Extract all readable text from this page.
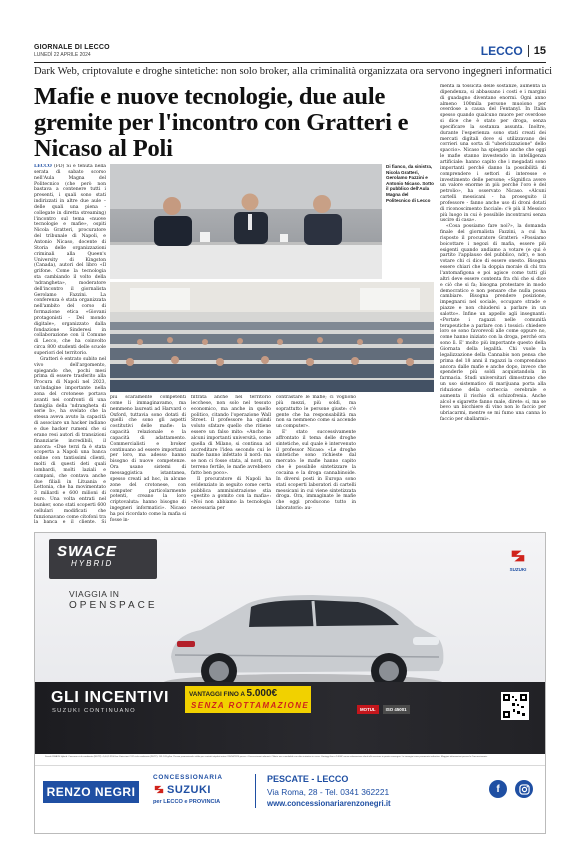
GIORNALE DI LECCO
LUNEDÌ 22 APRILE 2024	LECCO 15
Dark Web, criptovalute e droghe sintetiche: non solo broker, alla criminalità organizzata ora servono ingegneri informatici
Mafie e nuove tecnologie, due aule gremite per l'incontro con Gratteri e Nicaso al Poli

LECCO (FD) Si è tenuta nella serata di sabato scorso nell'Aula Magna del Politecnico (che però non bastava a contenere tutti i presenti, i quali sono stati indirizzati in altre due aule – delle quali una piena - collegate in diretta streaming) l'incontro sul tema «nuove tecnologie e mafie», ospiti Nicola Gratteri, procuratore del tribunale di Napoli, e Antonio Nicaso, docente di Storia delle organizzazioni criminali alla Queen's University di Kingston (Canada), autori del libro «Il grifone. Come la tecnologia sta cambiando il volto della 'ndrangheta», moderatore dell'incontro il giornalista Gerolamo Fazzini. La conferenza è stata organizzata nell'ambito del corso di formazione etica «Giovani protagonisti - Del mondo digitale», organizzato dalla fondazione Sinderesi in collaborazione con il Comune di Lecco, che ha coinvolto circa 800 studenti delle scuole superiori del territorio.

Gratteri è entrato subito nel vivo dell'argomento, spiegando che, pochi mesi prima di essere trasferito alla Procura di Napoli nel 2023, un'indagine importante nella zona del crotonese portava avanti nei confronti di una famiglia della 'ndrangheta di serie b», ha svelato che la stessa aveva avuto la capacità di associare un hacker indiano e due hacker rumeni che si erano resi autori di transizioni finanziarie incredibili, il ancora: «Due terzi fa è stata scoperta a Napoli una banca online con tantissimi clienti, molti di questi deti quali lombardi, molti laziali e campani, che contava anche due filiali in Lituania e Lettonia, che ha movimentato 3 miliardi e 600 milioni di euro. Una volta entrati nel bunker, sono stati scoperti 600 cellulari modificati che funzionavano come citofoni tra la banca e il cliente. Si

Di fianco, da sinistra, Nicola Gratteri, Gerolamo Fazzini e Antonio Nicaso. Sotto il pubblico dell'Aula Magna del Politecnico di Lecco

più scaramente competenti come li immaginavamo, ma nemmeno laureati ad Harvard o Oxford, tuttavia sono dotati di quelli che sono gli aspetti costitutivi delle mafie: la capacità relazionale e la capacità di adattamento. Commercialisti e broker continuano ad essere importanti per loro, ma adesso hanno bisogno di nuove competenze. Ora usano sistemi di messaggistica istantanea, spesso creati ad hoc, in alcune zone del crotonese, con computer particolarmente potenti, creano la loro criptovaluta: hanno bisogno di ingegneri informatici». Nicaso ha poi ricordato come la mafia si fosse in-

filtrata anche nel territorio lecchese, non solo nel tessuto economico, ma anche in quello politico, citando l'operazione Wall Street. Il professore ha quindi voluto sfatare quello che ritiene essere un falso mito: «Anche in alcuni importanti università, come quella di Milano, si continua ad accreditare l'idea secondo cui le mafie hanno infettato il nord: ma se non ci fosse stata, al nord, un terreno fertile, le mafie avrebbero fatto ben poco».

Il procuratore di Napoli ha evidenziato in seguito come certa pubblica amministrazione stia «gestito a gomito con la mafia»: «Noi non abbiamo la tecnologia necessaria per

contrastare le mafie; ci vogliono più mezzi, più soldi, ma soprattutto le persone giuste: c'è gente che ha responsabilità ma non sa nemmeno come si accende un computer».

E' stato successivamente affrontato il tema delle droghe sintetiche, sul quale è intervenuto il professor Nicaso: «Le droghe sintetiche sono richieste dal mercato: le mafie hanno capito che è possibile sintetizzare la cocaina e la droga cannabinoide. In diversi posti in Europa sono stati scoperti laboratori di cartelli messicani in cui viene sintetizzata droga. Ora, immaginate le mafie che oggi producono tutto in laboratorio: au-

menta la tossicità delle sostanze, aumenta la dipendenza, si abbassano i costi e i margini di guadagno diventano enormi. Ogni anno almeno 100mila persone muoiono per overdose a causa del Fentanyl. In Italia spesso quando qualcuno muore per overdose si dice che è stato per droga, senza specificare la sostanza assunta. Inoltre, durante l'esperienza sono stati creati dei mercati digitali dove si utilizzavano dei corrieri una sorta di "ubericizzazione" dello spaccio». Nicaso ha spiegato anche che oggi le mafie stanno investendo in intelligenza artificiale: hanno capito che i megadati sono importanti perché danno la possibilità di comprendere i settori di interesse e investimento delle persone; «Significa avere un valore enorme in più perché l'oro è del petrolio», ha osservato Nicaso. «Alcuni cartelli messicani - ha proseguito il professore - fanno anche uso di droni dotati di riconoscimento facciale: c'è più il Messico più luogo in cui è possibile incontrarsi senza uscire di casa».

«Cosa possiamo fare noi?», la domanda finale del giornalista Fazzini, a cui ha risposto il procuratore Gratteri: «Possiamo boicottare i negozi di mafia, essere più esigenti quando andiamo a votare (e qui è partito l'applauso del pubblico, ndr), e non votare chi ci dice di essere onesto. Bisogna essere chiari che la doppia morale di chi tra l'antomafigona e poi agisce come tutti gli altri deve essere contenta fra chi che si dice e ciò che si fa; bisogna protestare in modo democratico e non pensare che nulla possa cambiare. Bisogna prendere posizione, impegnarsi nel sociale, occupare strade e piazze e non chiudersi a parlare in un salotto». Infine un appello agli insegnanti: «Portate i ragazzi nelle comunità terapeutiche a parlare con i tossici: chiedere loro se sono favorevoli alle come oppure no, come hanno iniziato con la droga, perché ora sono lì. E' molto più importante questo della Giornata della legalità. Chi vuole la legalizzazione della Cannabis non pensa che prima del 18 anni il ragazzi la comprendano ancora dalle mafie e anche dopo, invece che spenderle più soldi acquistandola in farmacia. Studi universitari dimostrano che un uso sistematico di marijuana porta alla riduzione della corteccia cerebrale e aumenta il rischio di schizofrenia. Anche alcol e sigarette fanno male, direte: si, ma se bevo un bicchiere di vino non lo faccio per ubriacarmi, mentre se mi fumo una canna lo faccio per sballarmi».

SWACE
HYBRID
VIAGGIA IN
OPENSPACE
SUZUKI
GLI INCENTIVI
SUZUKI CONTINUANO
VANTAGGI FINO A 5.000€
SENZA ROTTAMAZIONE	MOTUL	ISO 45001
Suzuki SWACE Hybrid. Consumo ciclo combinato (WLTP): 4,4-4,5 l/100 km. Emissioni CO2 ciclo combinato (WLTP): 101-103 g/km. Prezzo promozionale valido per contratti stipulati entro il 30/04/2024 presso i Concessionari aderenti. Offerta non cumulabile con altre iniziative in corso. Vantaggi fino a 5.000€ senza rottamazione riferiti alla versione in pronta consegna. Le immagini sono puramente indicative. Maggiori informazioni presso la Concessionaria.
RENZO NEGRI
CONCESSIONARIA
SUZUKI
per LECCO e PROVINCIA
PESCATE - LECCO
Via Roma, 28 - Tel. 0341 362221
www.concessionariarenzonegri.it
f
